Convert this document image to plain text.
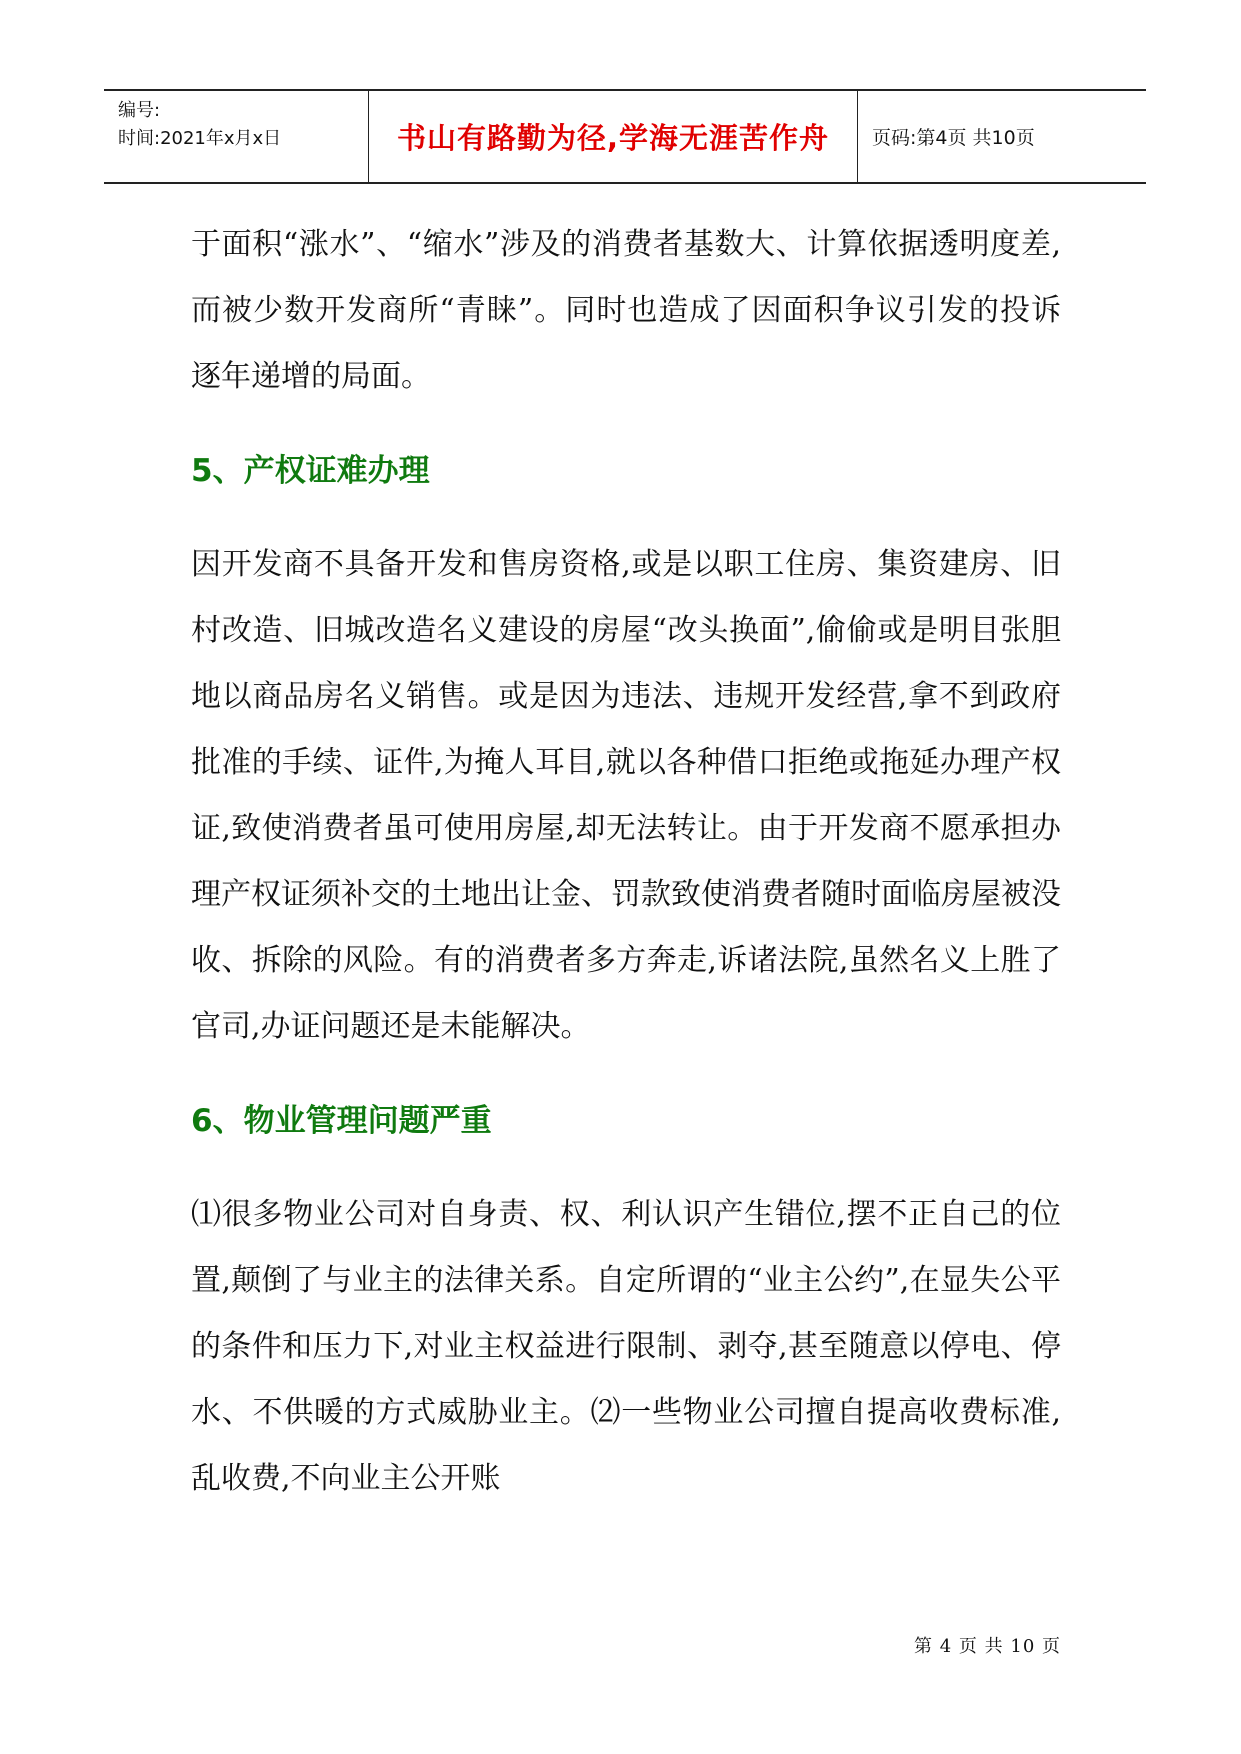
编号:
时间:2021年x月x日	书山有路勤为径,学海无涯苦作舟	页码:第4页 共10页

于面积“涨水”、“缩水”涉及的消费者基数大、计算依据透明度差,而被少数开发商所“青睐”。同时也造成了因面积争议引发的投诉逐年递增的局面。

5、产权证难办理

因开发商不具备开发和售房资格,或是以职工住房、集资建房、旧村改造、旧城改造名义建设的房屋“改头换面”,偷偷或是明目张胆地以商品房名义销售。或是因为违法、违规开发经营,拿不到政府批准的手续、证件,为掩人耳目,就以各种借口拒绝或拖延办理产权证,致使消费者虽可使用房屋,却无法转让。由于开发商不愿承担办理产权证须补交的土地出让金、罚款致使消费者随时面临房屋被没收、拆除的风险。有的消费者多方奔走,诉诸法院,虽然名义上胜了官司,办证问题还是未能解决。

6、物业管理问题严重

⑴很多物业公司对自身责、权、利认识产生错位,摆不正自己的位置,颠倒了与业主的法律关系。自定所谓的“业主公约”,在显失公平的条件和压力下,对业主权益进行限制、剥夺,甚至随意以停电、停水、不供暖的方式威胁业主。⑵一些物业公司擅自提高收费标准,乱收费,不向业主公开账

第 4 页 共 10 页
